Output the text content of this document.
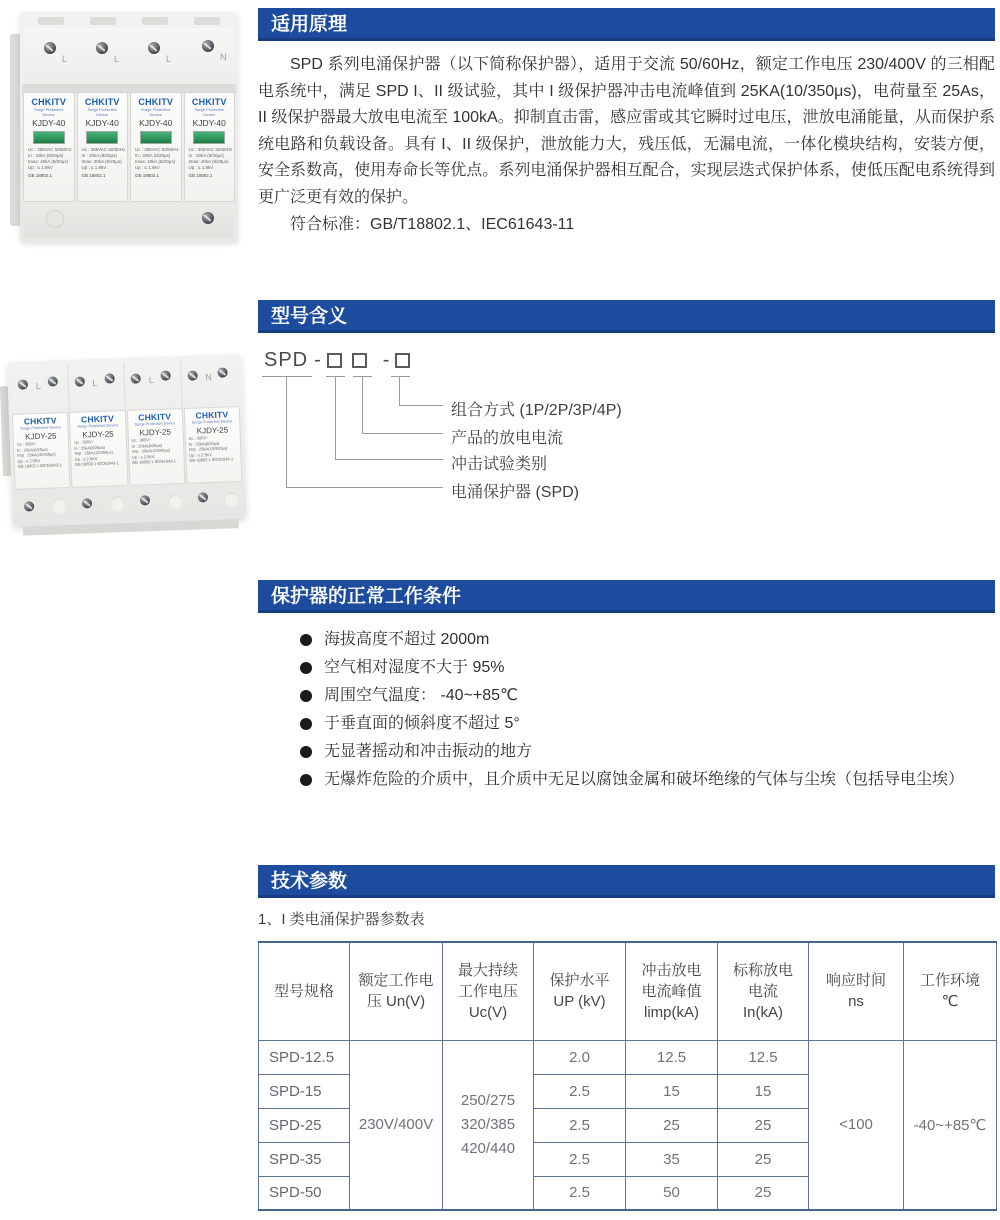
L	L	L	N
CHKITV
Surge Protective
Device
KJDY-40
Uc : 385VAC 50/60Hz
In : 20kA (8/20μs)
Imax: 40kA (8/20μs)
Up : ≤ 1.8kV
GB 18802.1
CHKITV
Surge Protective
Device
KJDY-40
Uc : 385VAC 50/60Hz
In : 20kA (8/20μs)
Imax: 40kA (8/20μs)
Up : ≤ 1.8kV
GB 18802.1
CHKITV
Surge Protective
Device
KJDY-40
Uc : 385VAC 50/60Hz
In : 20kA (8/20μs)
Imax: 40kA (8/20μs)
Up : ≤ 1.8kV
GB 18802.1
CHKITV
Surge Protective
Device
KJDY-40
Uc : 385VAC 50/60Hz
In : 20kA (8/20μs)
Imax: 40kA (8/20μs)
Up : ≤ 1.8kV
GB 18802.1
L	L	L	N
CHKITV
Surge Protective Device
KJDY-25
Uc : 385V~
In : 25kA(8/20μs)
Imp : 25kA(10/350μs)
Up : ≤ 2.5KV
GB 18802.1 IEC61643-1
CHKITV
Surge Protective Device
KJDY-25
Uc : 385V~
In : 25kA(8/20μs)
Imp : 25kA(10/350μs)
Up : ≤ 2.5KV
GB 18802.1 IEC61643-1
CHKITV
Surge Protective Device
KJDY-25
Uc : 385V~
In : 25kA(8/20μs)
Imp : 25kA(10/350μs)
Up : ≤ 2.5KV
GB 18802.1 IEC61643-1
CHKITV
Surge Protective Device
KJDY-25
Uc : 385V~
In : 25kA(8/20μs)
Imp : 25kA(10/350μs)
Up : ≤ 2.5KV
GB 18802.1 IEC61643-1
适用原理

SPD 系列电涌保护器（以下简称保护器），适用于交流 50/60Hz，额定工作电压 230/400V 的三相配电系统中，满足 SPD I、II 级试验，其中 I 级保护器冲击电流峰值到 25KA(10/350μs)，电荷量至 25As，II 级保护器最大放电电流至 100kA。抑制直击雷，感应雷或其它瞬时过电压，泄放电涌能量，从而保护系统电路和负载设备。具有 I、II 级保护，泄放能力大，残压低，无漏电流，一体化模块结构，安装方便，安全系数高，使用寿命长等优点。系列电涌保护器相互配合，实现层迭式保护体系，使低压配电系统得到更广泛更有效的保护。

符合标准：GB/T18802.1、IEC61643-11

型号含义
SPD -	-
组合方式 (1P/2P/3P/4P)
产品的放电电流
冲击试验类别
电涌保护器 (SPD)
保护器的正常工作条件
海拔高度不超过 2000m
空气相对湿度不大于 95%
周围空气温度： -40~+85℃
于垂直面的倾斜度不超过 5°
无显著摇动和冲击振动的地方
无爆炸危险的介质中，且介质中无足以腐蚀金属和破坏绝缘的气体与尘埃（包括导电尘埃）
技术参数
1、I 类电涌保护器参数表
型号规格	额定工作电
压 Un(V)	最大持续
工作电压
Uc(V)	保护水平
UP (kV)	冲击放电
电流峰值
limp(kA)	标称放电
电流
In(kA)	响应时间
ns	工作环境
℃

SPD-12.5	230V/400V	250/275
320/385
420/440	2.0	12.5	12.5	<100	-40~+85℃
SPD-15			2.5	15	15		
SPD-25			2.5	25	25		
SPD-35			2.5	35	25		
SPD-50			2.5	50	25		
